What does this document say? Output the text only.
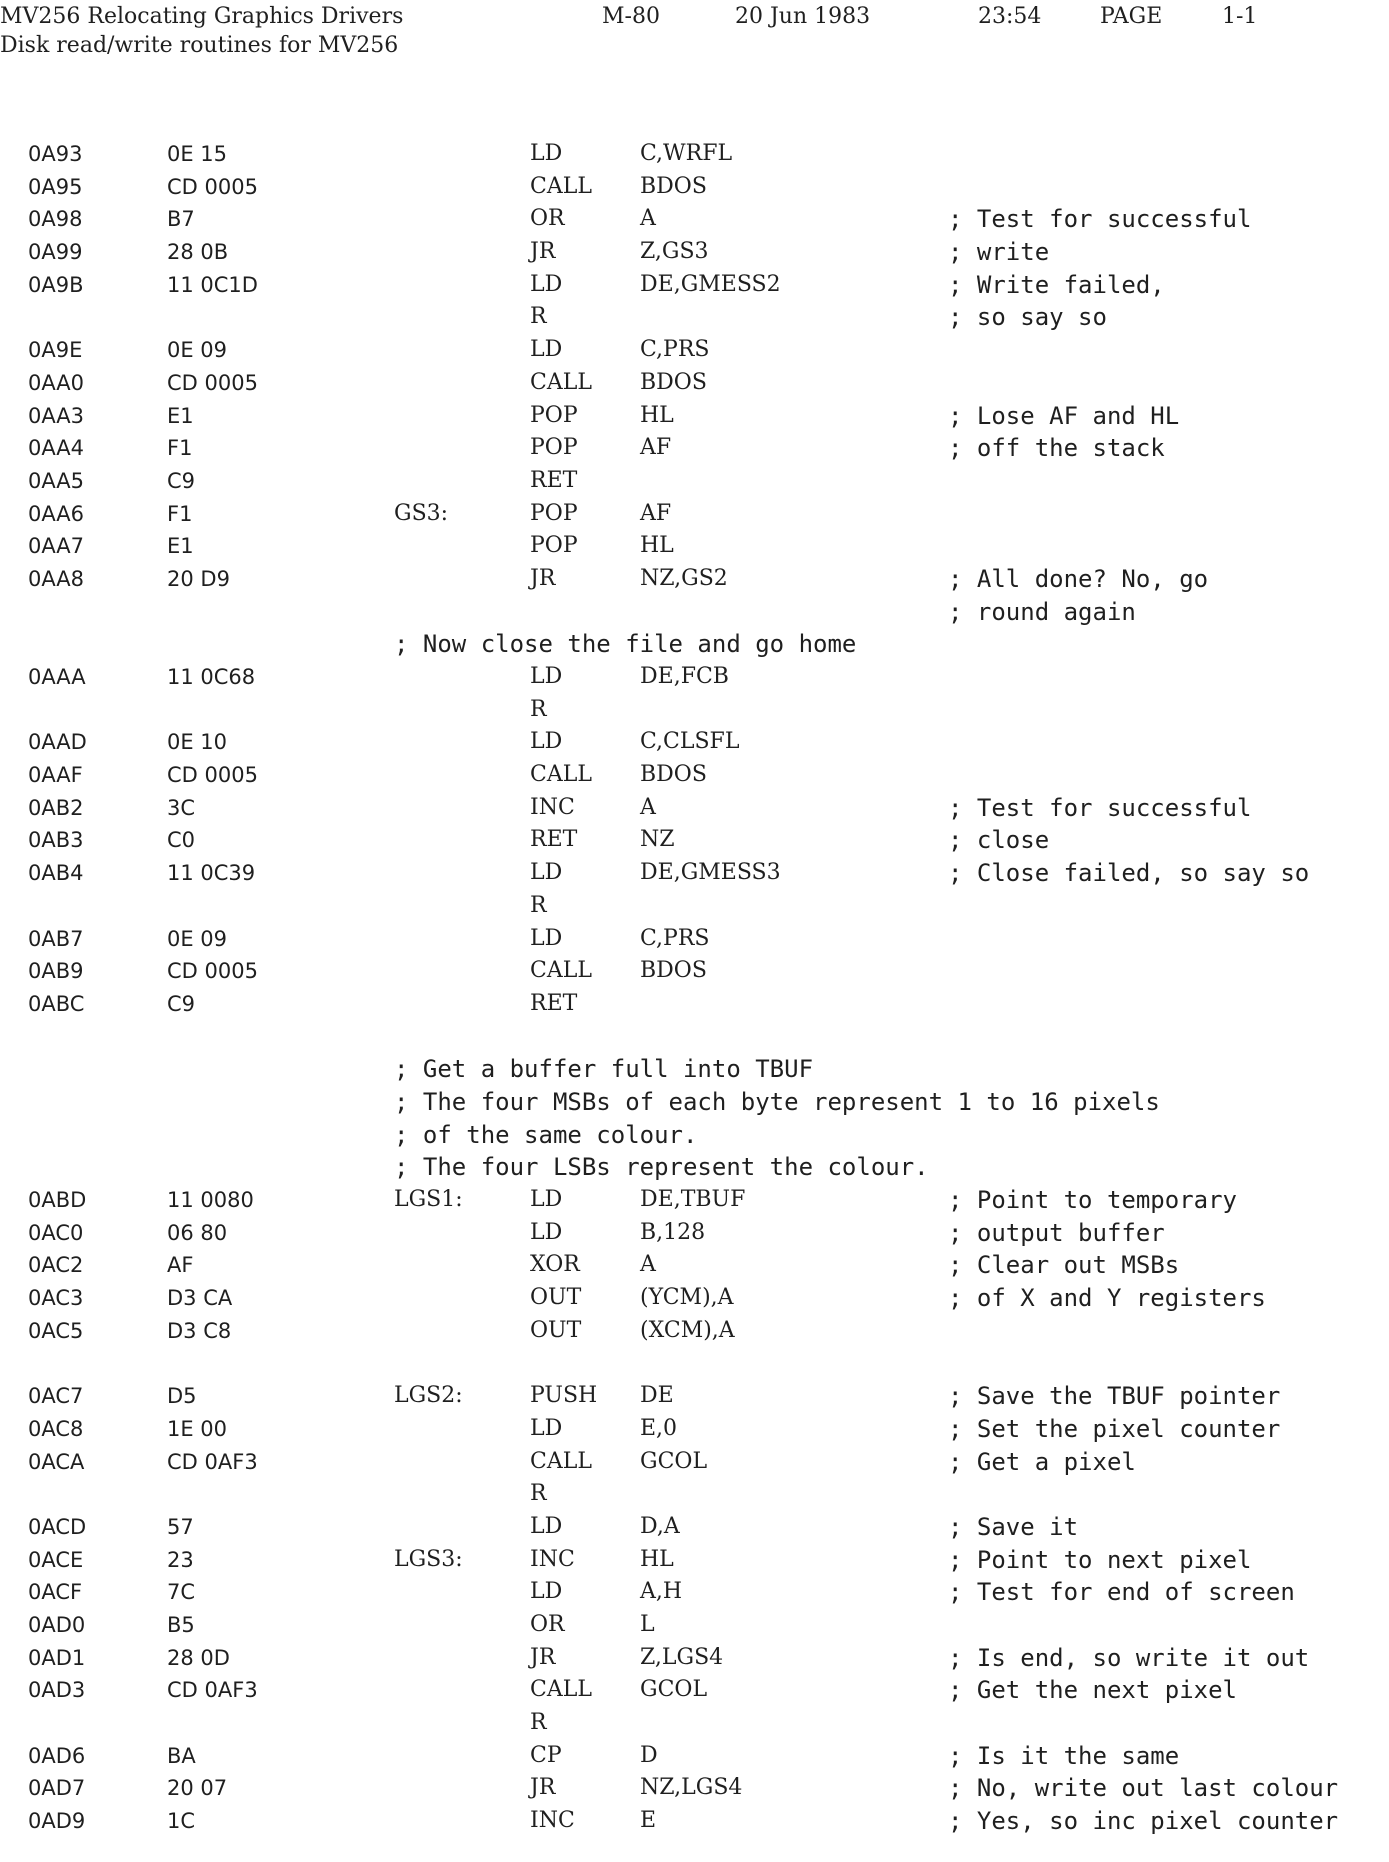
MV256 Relocating Graphics Drivers	M-80	20 Jun 1983	23:54	PAGE	1-1
Disk read/write routines for MV256
0A93	0E 15	LD	C,WRFL
0A95	CD 0005	CALL BDOS
0A98	B7	OR	A	; Test for successful
0A99	28 0B	JR	Z,GS3	; write
0A9B	11 0C1D	LD	DE,GMESS2	; Write failed,
R	; so say so
0A9E	0E 09	LD	C,PRS
0AA0	CD 0005	CALL BDOS
0AA3	E1	POP	HL	; Lose AF and HL
0AA4	F1	POP	AF	; off the stack
0AA5	C9	RET
0AA6	F1	GS3:	POP	AF
0AA7	E1	POP	HL
0AA8	20 D9	JR	NZ,GS2	; All done? No, go
; round again
; Now close the file and go home
0AAA	11 0C68	LD	DE,FCB
R
0AAD	0E 10	LD	C,CLSFL
0AAF	CD 0005	CALL BDOS
0AB2	3C	INC	A	; Test for successful
0AB3	C0	RET	NZ	; close
0AB4	11 0C39	LD	DE,GMESS3	; Close failed, so say so
R
0AB7	0E 09	LD	C,PRS
0AB9	CD 0005	CALL BDOS
0ABC	C9	RET
; Get a buffer full into TBUF
; The four MSBs of each byte represent 1 to 16 pixels
; of the same colour.
; The four LSBs represent the colour.
0ABD	11 0080	LGS1:	LD	DE,TBUF	; Point to temporary
0AC0	06 80	LD	B,128	; output buffer
0AC2	AF	XOR	A	; Clear out MSBs
0AC3	D3 CA	OUT	(YCM),A	; of X and Y registers
0AC5	D3 C8	OUT	(XCM),A
0AC7	D5	LGS2:	PUSH DE	; Save the TBUF pointer
0AC8	1E 00	LD	E,0	; Set the pixel counter
0ACA	CD 0AF3	CALL GCOL	; Get a pixel
R
0ACD	57	LD	D,A	; Save it
0ACE	23	LGS3:	INC	HL	; Point to next pixel
0ACF	7C	LD	A,H	; Test for end of screen
0AD0	B5	OR	L
0AD1	28 0D	JR	Z,LGS4	; Is end, so write it out
0AD3	CD 0AF3	CALL GCOL	; Get the next pixel
R
0AD6	BA	CP	D	; Is it the same
0AD7	20 07	JR	NZ,LGS4	; No, write out last colour
0AD9	1C	INC	E	; Yes, so inc pixel counter
